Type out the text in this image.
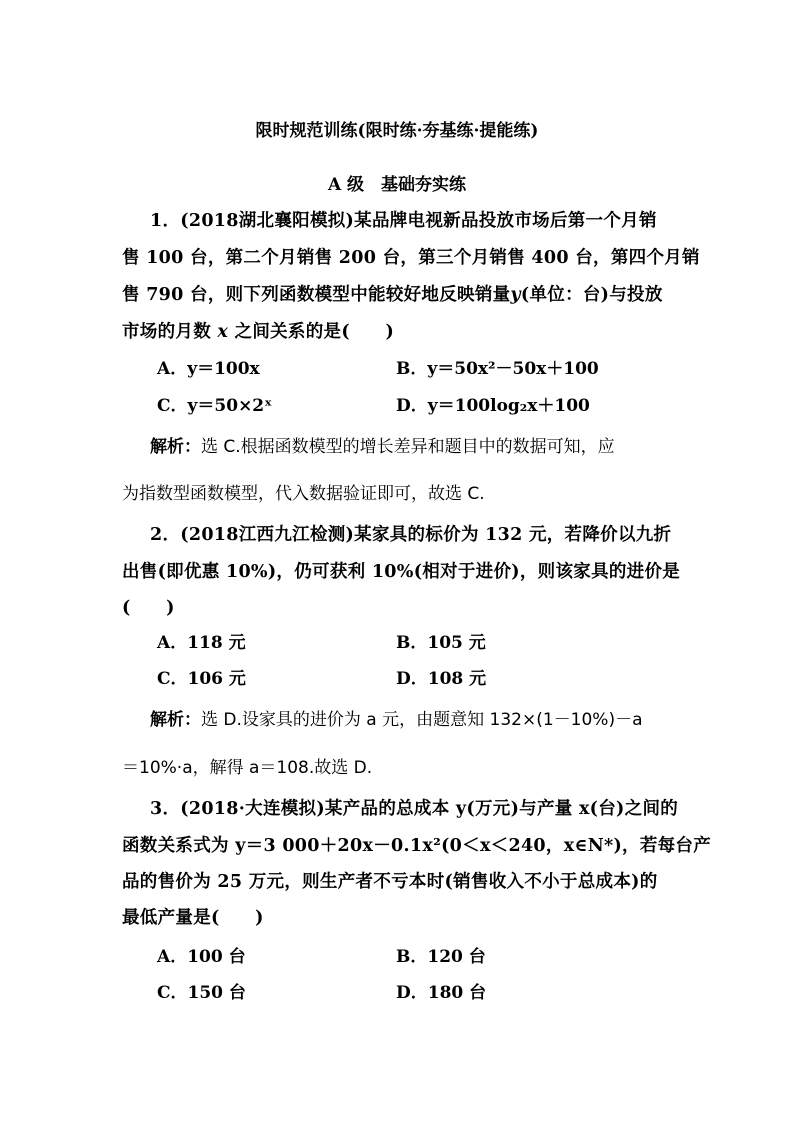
限时规范训练(限时练·夯基练·提能练)
A 级　基础夯实练
1．(2018湖北襄阳模拟)某品牌电视新品投放市场后第一个月销
售 100 台，第二个月销售 200 台，第三个月销售 400 台，第四个月销
售 790 台，则下列函数模型中能较好地反映销量y(单位：台)与投放
市场的月数 x 之间关系的是(　　)
A．y＝100x	B．y＝50x²－50x＋100
C．y＝50×2ˣ	D．y＝100log₂x＋100
解析：选 C.根据函数模型的增长差异和题目中的数据可知，应
为指数型函数模型，代入数据验证即可，故选 C.
2．(2018江西九江检测)某家具的标价为 132 元，若降价以九折
出售(即优惠 10%)，仍可获利 10%(相对于进价)，则该家具的进价是
(　　)
A．118 元	B．105 元
C．106 元	D．108 元
解析：选 D.设家具的进价为 a 元，由题意知 132×(1－10%)－a
＝10%·a，解得 a＝108.故选 D.
3．(2018·大连模拟)某产品的总成本 y(万元)与产量 x(台)之间的
函数关系式为 y＝3 000＋20x－0.1x²(0＜x＜240，x∈N*)，若每台产
品的售价为 25 万元，则生产者不亏本时(销售收入不小于总成本)的
最低产量是(　　)
A．100 台	B．120 台
C．150 台	D．180 台
